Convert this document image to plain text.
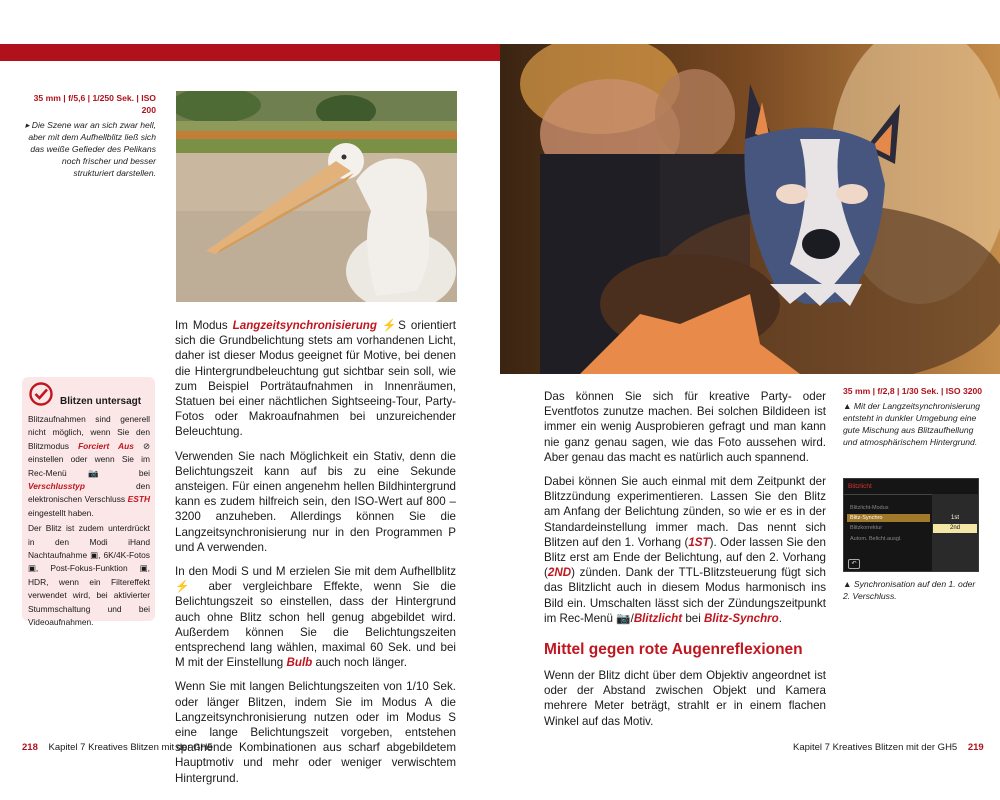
35 mm | f/5,6 | 1/250 Sek. | ISO 200
▸ Die Szene war an sich zwar hell, aber mit dem Aufhellblitz ließ sich das weiße Gefieder des Pelikans noch frischer und besser strukturiert darstellen.

Im Modus Langzeitsynchronisierung ⚡S orientiert sich die Grundbelichtung stets am vorhandenen Licht, daher ist dieser Modus geeignet für Motive, bei denen die Hintergrundbeleuchtung gut sichtbar sein soll, wie zum Beispiel Porträtaufnahmen in Innenräumen, Statuen bei einer nächtlichen Sightseeing-Tour, Party-Fotos oder Makroaufnahmen bei unzureichender Beleuchtung.

Verwenden Sie nach Möglichkeit ein Stativ, denn die Belichtungszeit kann auf bis zu eine Sekunde ansteigen. Für einen angenehm hellen Bildhintergrund kann es zudem hilfreich sein, den ISO-Wert auf 800 – 3200 anzuheben. Allerdings können Sie die Langzeitsynchronisierung nur in den Programmen P und A verwenden.

In den Modi S und M erzielen Sie mit dem Aufhellblitz ⚡ aber vergleichbare Effekte, wenn Sie die Belichtungszeit so einstellen, dass der Hintergrund auch ohne Blitz schon hell genug abgebildet wird. Außerdem können Sie die Belichtungszeiten entsprechend lang wählen, maximal 60 Sek. und bei M mit der Einstellung Bulb auch noch länger.

Wenn Sie mit langen Belichtungszeiten von 1/10 Sek. oder länger Blitzen, indem Sie im Modus A die Langzeitsynchronisierung nutzen oder im Modus S eine lange Belichtungszeit vorgeben, entstehen spannende Kombinationen aus scharf abgebildetem Hauptmotiv und mehr oder weniger verwischtem Hintergrund.

Blitzen untersagt

Blitzaufnahmen sind generell nicht möglich, wenn Sie den Blitzmodus Forciert Aus ⊘ einstellen oder wenn Sie im Rec-Menü 📷 bei Verschlusstyp den elektronischen Verschluss ESTH eingestellt haben.

Der Blitz ist zudem unterdrückt in den Modi iHand Nachtaufnahme ▣, 6K/4K-Fotos ▣, Post-Fokus-Funktion ▣, HDR, wenn ein Filtereffekt verwendet wird, bei aktivierter Stummschaltung und bei Videoaufnahmen.

218 Kapitel 7 Kreatives Blitzen mit der GH5

Das können Sie sich für kreative Party- oder Eventfotos zunutze machen. Bei solchen Bildideen ist immer ein wenig Ausprobieren gefragt und man kann nie ganz genau sagen, wie das Foto aussehen wird. Aber genau das macht es natürlich auch spannend.

Dabei können Sie auch einmal mit dem Zeitpunkt der Blitzzündung experimentieren. Lassen Sie den Blitz am Anfang der Belichtung zünden, so wie er es in der Standardeinstellung immer mach. Das nennt sich Blitzen auf den 1. Vorhang (1ST). Oder lassen Sie den Blitz erst am Ende der Belichtung, auf den 2. Vorhang (2ND) zünden. Dank der TTL-Blitzsteuerung fügt sich das Blitzlicht auch in diesem Modus harmonisch ins Bild ein. Umschalten lässt sich der Zündungszeitpunkt im Rec-Menü 📷/Blitzlicht bei Blitz-Synchro.

Mittel gegen rote Augenreflexionen

Wenn der Blitz dicht über dem Objektiv angeordnet ist oder der Abstand zwischen Objekt und Kamera mehrere Meter beträgt, strahlt er in einem flachen Winkel auf das Motiv.

35 mm | f/2,8 | 1/30 Sek. | ISO 3200
▲ Mit der Langzeitsynchronisierung entsteht in dunkler Umgebung eine gute Mischung aus Blitzaufhellung und atmosphärischem Hintergrund.
Blitzlicht
Blitzlicht-Modus
Blitz-Synchro
Blitzkorrektur
Autom. Belicht.ausgl.
1st
2nd
↶
▲ Synchronisation auf den 1. oder 2. Verschluss.
Kapitel 7 Kreatives Blitzen mit der GH5 219
